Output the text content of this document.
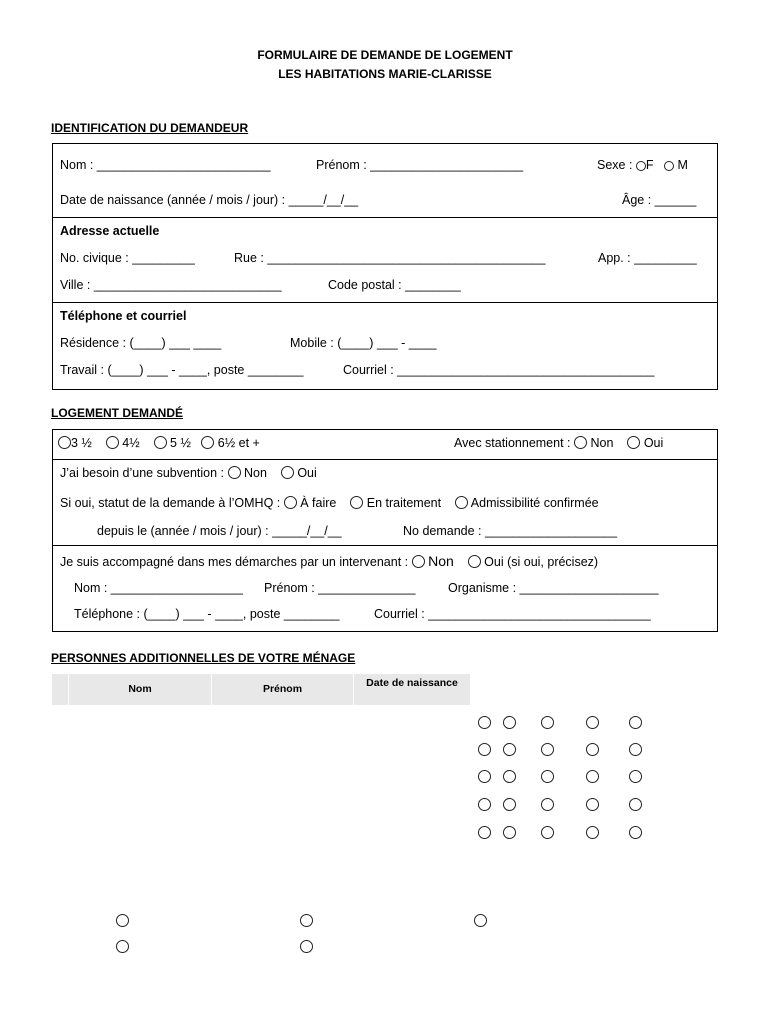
FORMULAIRE DE DEMANDE DE LOGEMENT
LES HABITATIONS MARIE-CLARISSE
IDENTIFICATION DU DEMANDEUR
Nom : _________________________	Prénom : ______________________	Sexe : F M
Date de naissance (année / mois / jour) : _____/__/__	Âge : ______
Adresse actuelle
No. civique : _________	Rue : ________________________________________	App. : _________
Ville : ___________________________	Code postal : ________
Téléphone et courriel
Résidence : (____) ___ ____	Mobile : (____) ___ - ____
Travail : (____) ___ - ____, poste ________	Courriel : _____________________________________
LOGEMENT DEMANDÉ
3 ½ 4½ 5 ½ 6½ et +	Avec stationnement : Non Oui
J’ai besoin d’une subvention : Non Oui
Si oui, statut de la demande à l’OMHQ : À faire En traitement Admissibilité confirmée
depuis le (année / mois / jour) : _____/__/__	No demande : ___________________
Je suis accompagné dans mes démarches par un intervenant : Non Oui (si oui, précisez)
Nom : ___________________ Prénom : ______________	Organisme : ____________________
Téléphone : (____) ___ - ____, poste ________	Courriel : ________________________________
PERSONNES ADDITIONNELLES DE VOTRE MÉNAGE
Nom	Prénom	Date de naissance
